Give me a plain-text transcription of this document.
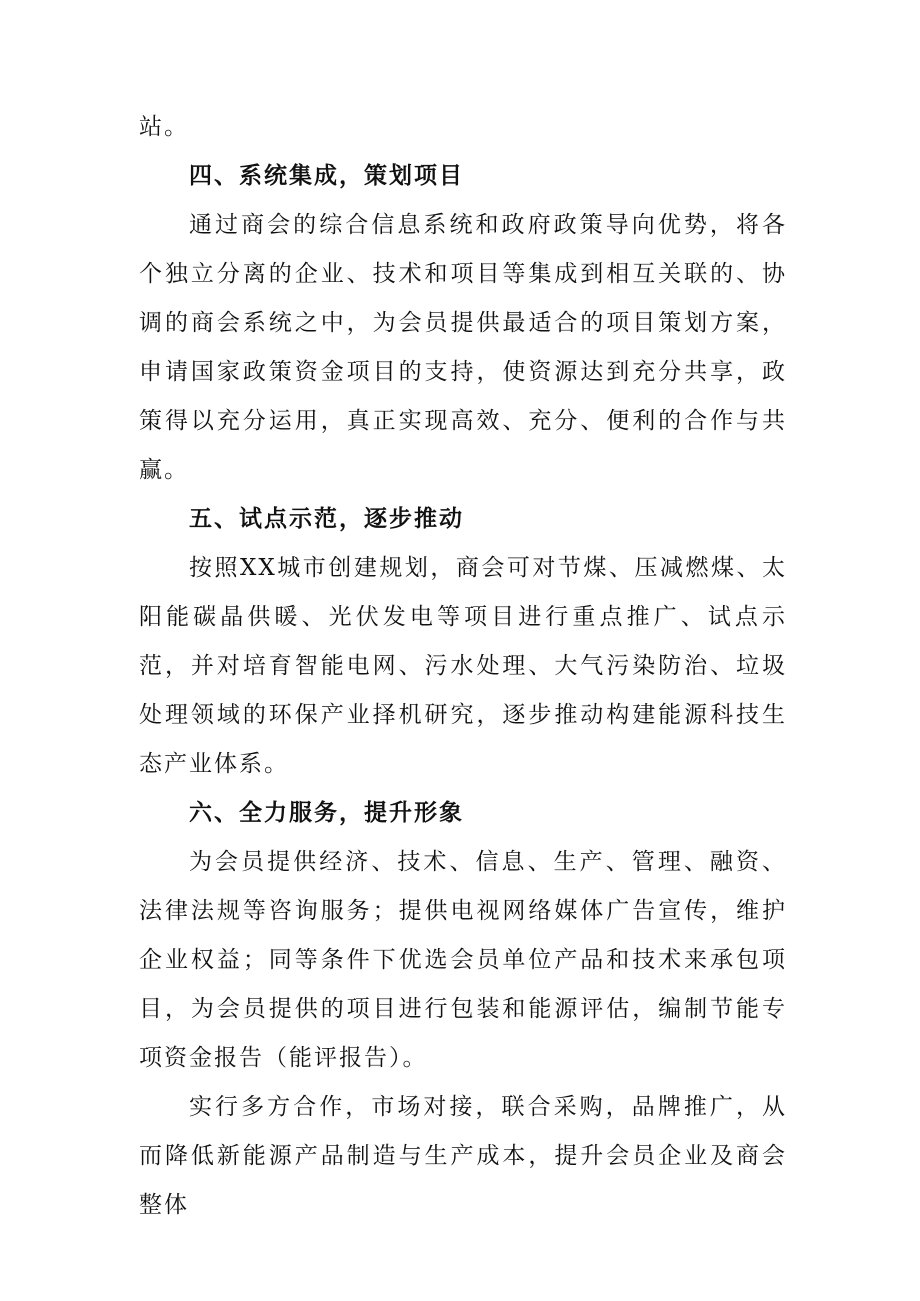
站。

四、系统集成，策划项目

通过商会的综合信息系统和政府政策导向优势，将各个独立分离的企业、技术和项目等集成到相互关联的、协调的商会系统之中，为会员提供最适合的项目策划方案，申请国家政策资金项目的支持，使资源达到充分共享，政策得以充分运用，真正实现高效、充分、便利的合作与共赢。

五、试点示范，逐步推动

按照XX城市创建规划，商会可对节煤、压减燃煤、太阳能碳晶供暖、光伏发电等项目进行重点推广、试点示范，并对培育智能电网、污水处理、大气污染防治、垃圾处理领域的环保产业择机研究，逐步推动构建能源科技生态产业体系。

六、全力服务，提升形象

为会员提供经济、技术、信息、生产、管理、融资、法律法规等咨询服务；提供电视网络媒体广告宣传，维护企业权益；同等条件下优选会员单位产品和技术来承包项目，为会员提供的项目进行包装和能源评估，编制节能专项资金报告（能评报告）。

实行多方合作，市场对接，联合采购，品牌推广，从而降低新能源产品制造与生产成本，提升会员企业及商会整体
